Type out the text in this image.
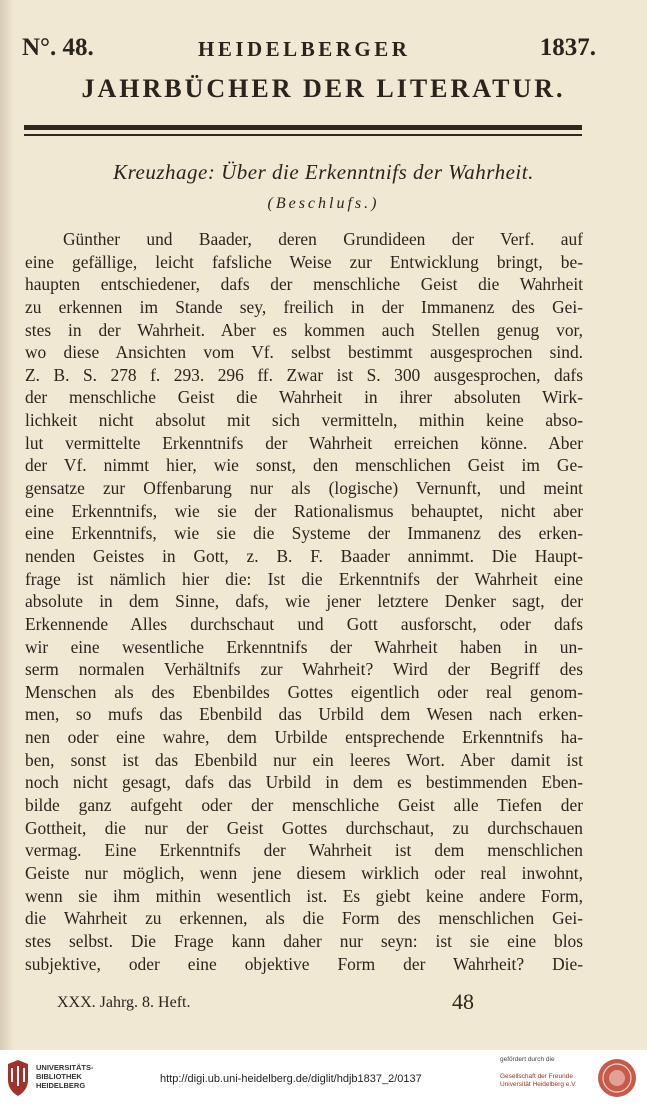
N°. 48.	HEIDELBERGER	1837.
JAHRBÜCHER DER LITERATUR.
Kreuzhage: Über die Erkenntnifs der Wahrheit.
(Beschlufs.)
Günther und Baader, deren Grundideen der Verf. auf
eine gefällige, leicht fafsliche Weise zur Entwicklung bringt, be-
haupten entschiedener, dafs der menschliche Geist die Wahrheit
zu erkennen im Stande sey, freilich in der Immanenz des Gei-
stes in der Wahrheit. Aber es kommen auch Stellen genug vor,
wo diese Ansichten vom Vf. selbst bestimmt ausgesprochen sind.
Z. B. S. 278 f. 293. 296 ff. Zwar ist S. 300 ausgesprochen, dafs
der menschliche Geist die Wahrheit in ihrer absoluten Wirk-
lichkeit nicht absolut mit sich vermitteln, mithin keine abso-
lut vermittelte Erkenntnifs der Wahrheit erreichen könne. Aber
der Vf. nimmt hier, wie sonst, den menschlichen Geist im Ge-
gensatze zur Offenbarung nur als (logische) Vernunft, und meint
eine Erkenntnifs, wie sie der Rationalismus behauptet, nicht aber
eine Erkenntnifs, wie sie die Systeme der Immanenz des erken-
nenden Geistes in Gott, z. B. F. Baader annimmt. Die Haupt-
frage ist nämlich hier die: Ist die Erkenntnifs der Wahrheit eine
absolute in dem Sinne, dafs, wie jener letztere Denker sagt, der
Erkennende Alles durchschaut und Gott ausforscht, oder dafs
wir eine wesentliche Erkenntnifs der Wahrheit haben in un-
serm normalen Verhältnifs zur Wahrheit? Wird der Begriff des
Menschen als des Ebenbildes Gottes eigentlich oder real genom-
men, so mufs das Ebenbild das Urbild dem Wesen nach erken-
nen oder eine wahre, dem Urbilde entsprechende Erkenntnifs ha-
ben, sonst ist das Ebenbild nur ein leeres Wort. Aber damit ist
noch nicht gesagt, dafs das Urbild in dem es bestimmenden Eben-
bilde ganz aufgeht oder der menschliche Geist alle Tiefen der
Gottheit, die nur der Geist Gottes durchschaut, zu durchschauen
vermag. Eine Erkenntnifs der Wahrheit ist dem menschlichen
Geiste nur möglich, wenn jene diesem wirklich oder real inwohnt,
wenn sie ihm mithin wesentlich ist. Es giebt keine andere Form,
die Wahrheit zu erkennen, als die Form des menschlichen Gei-
stes selbst. Die Frage kann daher nur seyn: ist sie eine blos
subjektive, oder eine objektive Form der Wahrheit? Die-
XXX. Jahrg. 8. Heft.	48
UNIVERSITÄTS-
BIBLIOTHEK
HEIDELBERG
http://digi.ub.uni-heidelberg.de/diglit/hdjb1837_2/0137
gefördert durch die
Gesellschaft der Freunde
Universität Heidelberg e.V.
